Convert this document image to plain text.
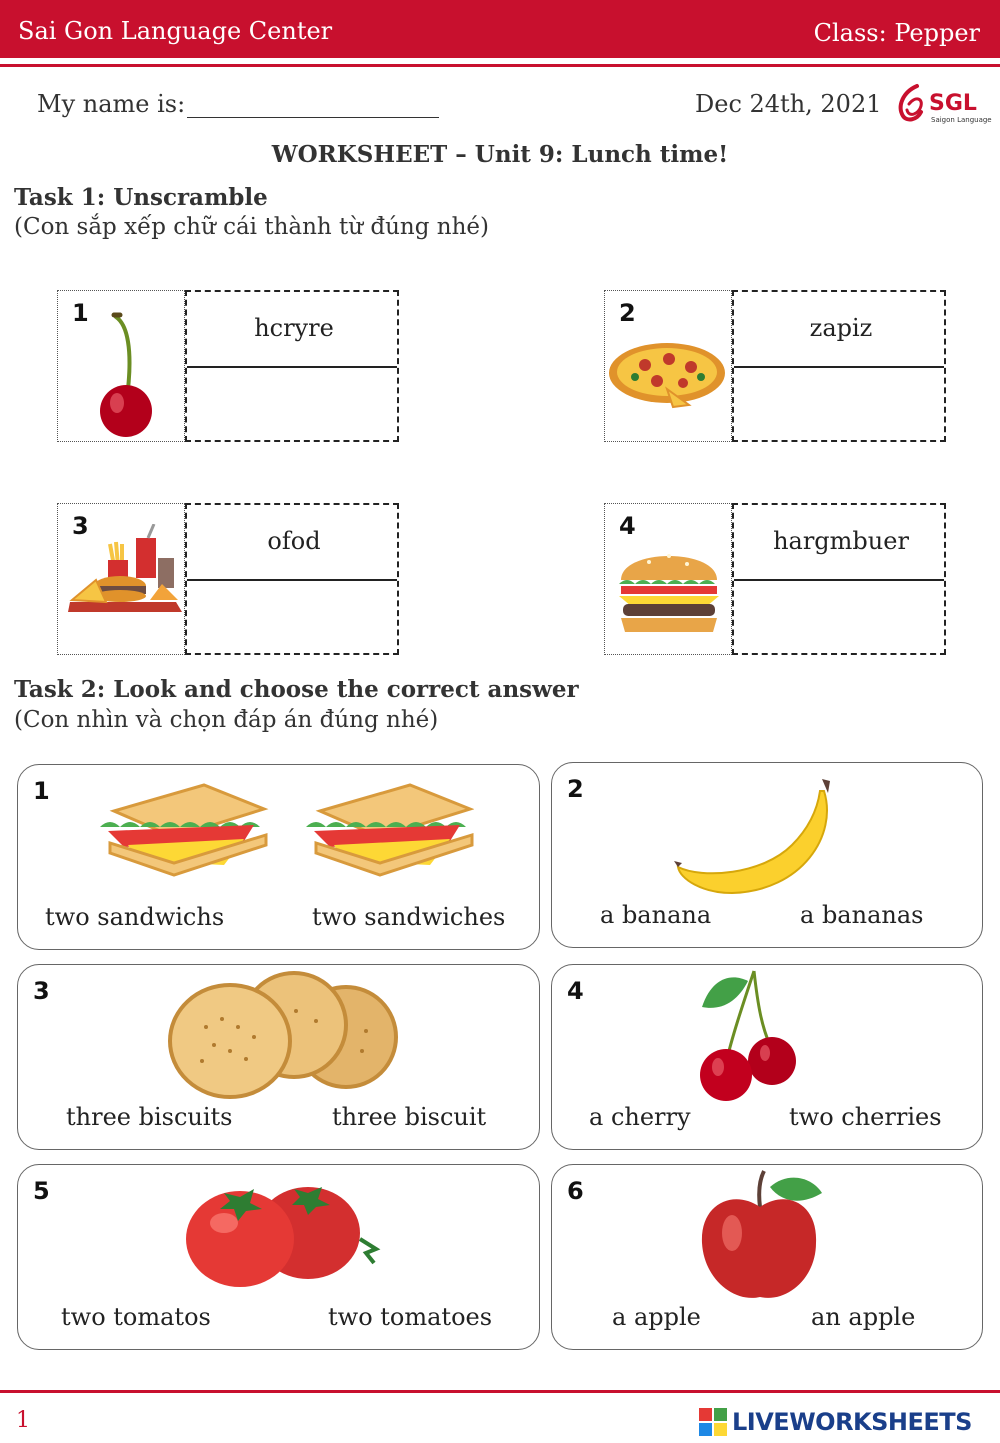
Sai Gon Language Center	Class: Pepper
My name is:	Dec 24th, 2021 SGL
Saigon Language
WORKSHEET – Unit 9: Lunch time!
Task 1: Unscramble
(Con sắp xếp chữ cái thành từ đúng nhé)
1
hcryre
2
zapiz
3
ofod
4
hargmbuer
Task 2: Look and choose the correct answer
(Con nhìn và chọn đáp án đúng nhé)
1
two sandwichs	two sandwiches
2
a banana	a bananas
3
three biscuits	three biscuit
4
a cherry	two cherries
5
two tomatos	two tomatoes
6
a apple	an apple
1	LIVEWORKSHEETS
